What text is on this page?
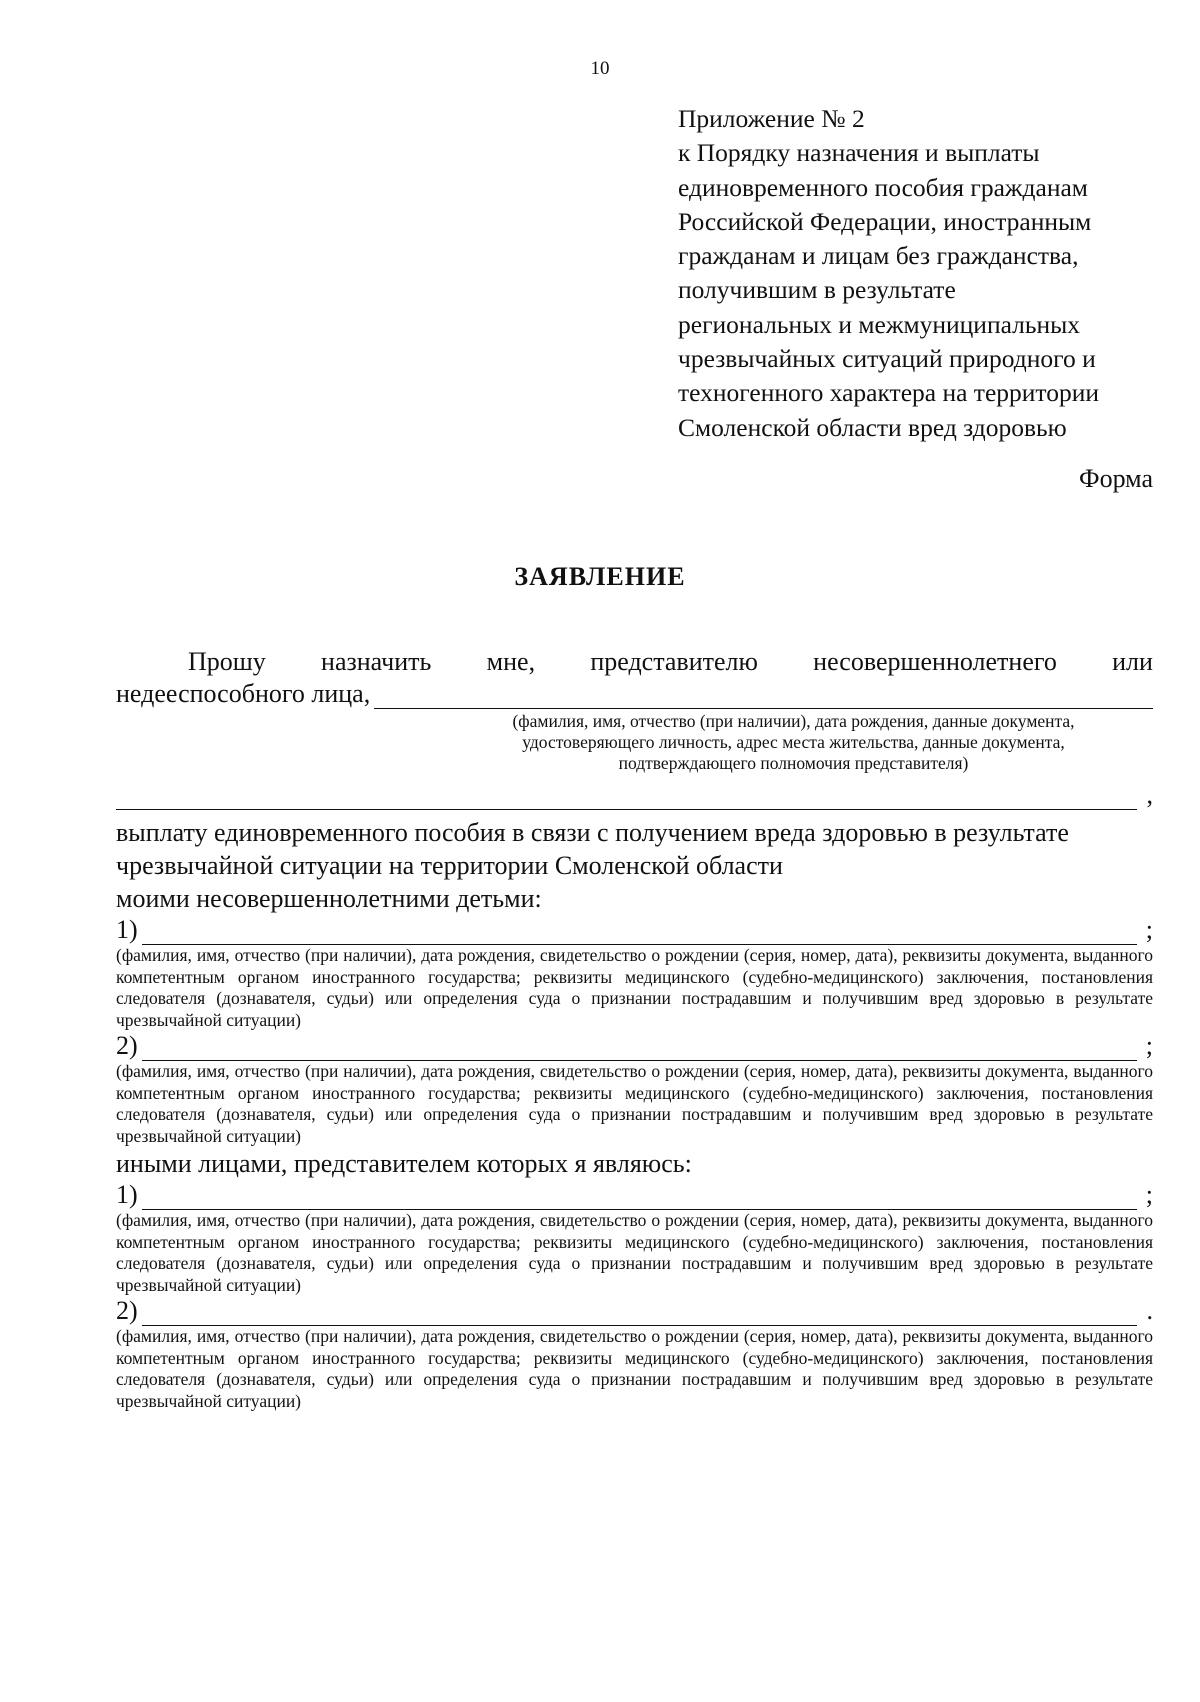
10
Приложение № 2
к Порядку назначения и выплаты
единовременного пособия гражданам
Российской Федерации, иностранным
гражданам и лицам без гражданства,
получившим в результате
региональных и межмуниципальных
чрезвычайных ситуаций природного и
техногенного характера на территории
Смоленской области вред здоровью
Форма
ЗАЯВЛЕНИЕ
Прошу назначить мне, представителю несовершеннолетнего или
недееспособного лица,
(фамилия, имя, отчество (при наличии), дата рождения, данные документа,
удостоверяющего личность, адрес места жительства, данные документа,
подтверждающего полномочия представителя)
,
выплату единовременного пособия в связи с получением вреда здоровью в результате
чрезвычайной ситуации на территории Смоленской области
моими несовершеннолетними детьми:
1)	;
(фамилия, имя, отчество (при наличии), дата рождения, свидетельство о рождении (серия, номер, дата), реквизиты документа, выданного компетентным органом иностранного государства; реквизиты медицинского (судебно-медицинского) заключения, постановления следователя (дознавателя, судьи) или определения суда о признании пострадавшим и получившим вред здоровью в результате чрезвычайной ситуации)
2)	;
(фамилия, имя, отчество (при наличии), дата рождения, свидетельство о рождении (серия, номер, дата), реквизиты документа, выданного компетентным органом иностранного государства; реквизиты медицинского (судебно-медицинского) заключения, постановления следователя (дознавателя, судьи) или определения суда о признании пострадавшим и получившим вред здоровью в результате чрезвычайной ситуации)
иными лицами, представителем которых я являюсь:
1)	;
(фамилия, имя, отчество (при наличии), дата рождения, свидетельство о рождении (серия, номер, дата), реквизиты документа, выданного компетентным органом иностранного государства; реквизиты медицинского (судебно-медицинского) заключения, постановления следователя (дознавателя, судьи) или определения суда о признании пострадавшим и получившим вред здоровью в результате чрезвычайной ситуации)
2)	.
(фамилия, имя, отчество (при наличии), дата рождения, свидетельство о рождении (серия, номер, дата), реквизиты документа, выданного компетентным органом иностранного государства; реквизиты медицинского (судебно-медицинского) заключения, постановления следователя (дознавателя, судьи) или определения суда о признании пострадавшим и получившим вред здоровью в результате чрезвычайной ситуации)
